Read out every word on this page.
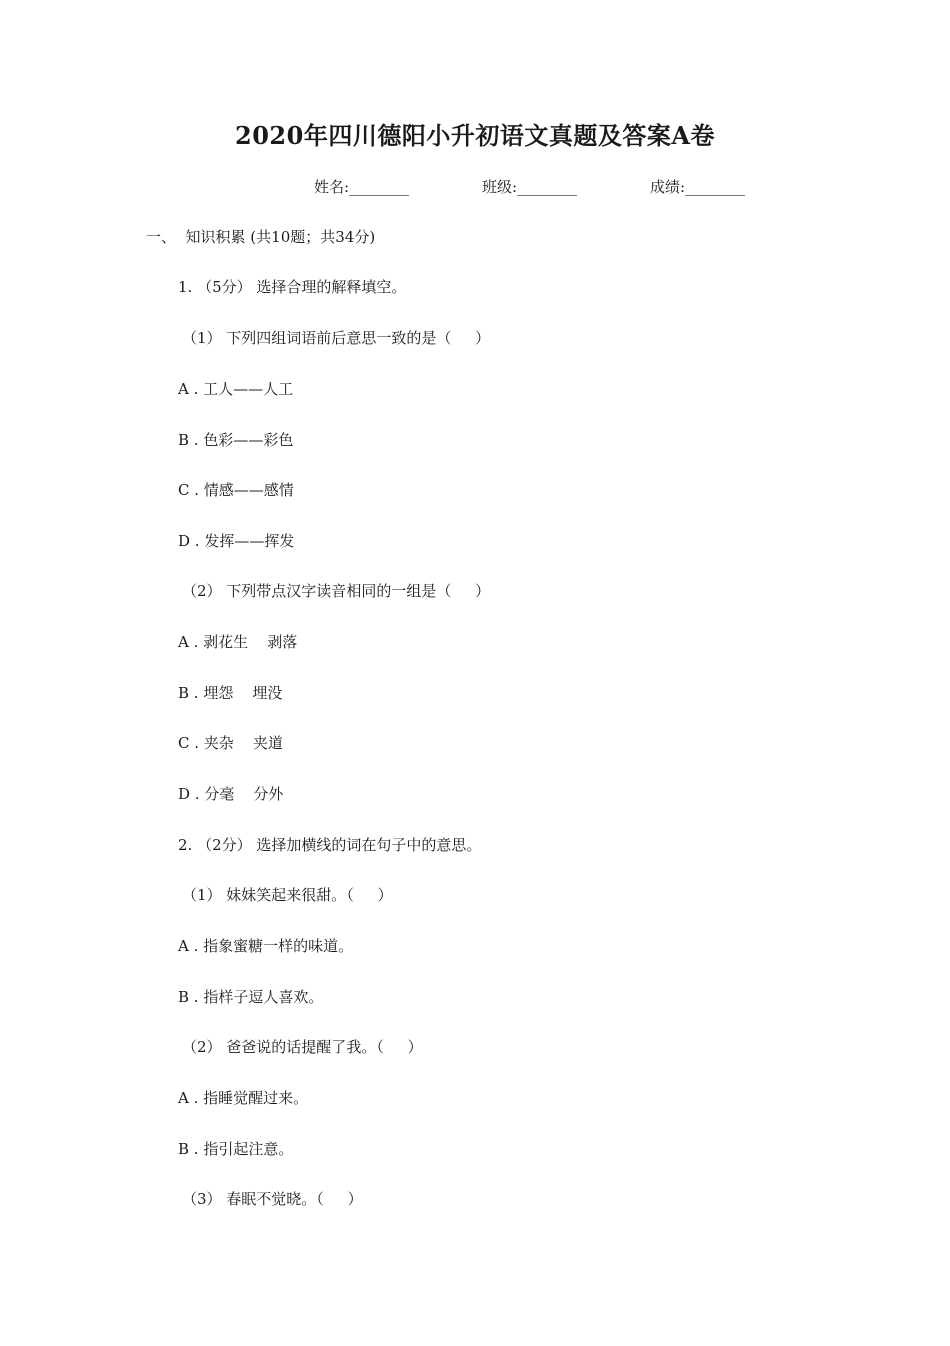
2020年四川德阳小升初语文真题及答案A卷
姓名:________	班级:________	成绩:________
一、  知识积累 (共10题；共34分)
1. （5分） 选择合理的解释填空。
（1） 下列四组词语前后意思一致的是（     ）
A . 工人——人工
B . 色彩——彩色
C . 情感——感情
D . 发挥——挥发
（2） 下列带点汉字读音相同的一组是（     ）
A . 剥花生    剥落
B . 埋怨    埋没
C . 夹杂    夹道
D . 分毫    分外
2. （2分） 选择加横线的词在句子中的意思。
（1） 妹妹笑起来很甜。（     ）
A . 指象蜜糖一样的味道。
B . 指样子逗人喜欢。
（2） 爸爸说的话提醒了我。（     ）
A . 指睡觉醒过来。
B . 指引起注意。
（3） 春眠不觉晓。（     ）
